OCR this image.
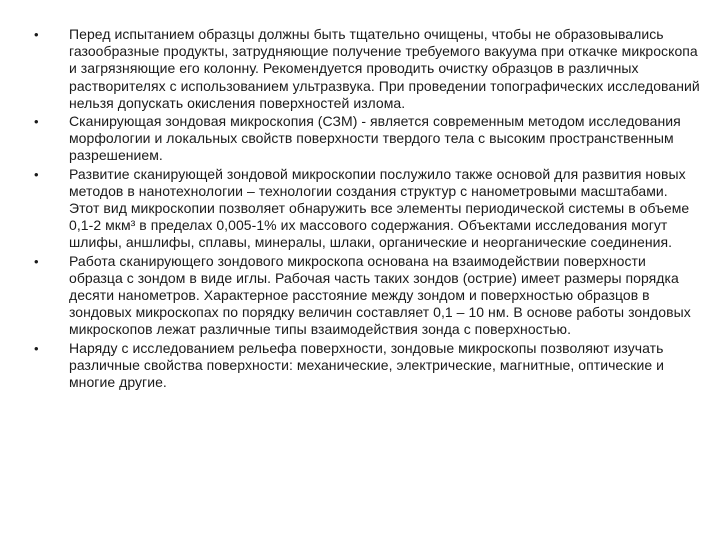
•	Перед испытанием образцы должны быть тщательно очищены, чтобы не образовывались газообразные продукты, затрудняющие получение требуемого вакуума при откачке микроскопа и загрязняющие его колонну. Рекомендуется проводить очистку образцов в различных растворителях с использованием ультразвука. При проведении топографических исследований нельзя допускать окисления поверхностей излома.
•	Сканирующая зондовая микроскопия (СЗМ) - является современным методом исследования морфологии и локальных свойств поверхности твердого тела с высоким пространственным разрешением.
•	Развитие сканирующей зондовой микроскопии послужило также основой для развития новых методов в нанотехнологии – технологии создания структур с нанометровыми масштабами. Этот вид микроскопии позволяет обнаружить все элементы периодической системы в объеме 0,1-2 мкм³ в пределах 0,005-1% их массового содержания. Объектами исследования могут шлифы, аншлифы, сплавы, минералы, шлаки, органические и неорганические соединения.
•	Работа сканирующего зондового микроскопа основана на взаимодействии поверхности образца с зондом в виде иглы. Рабочая часть таких зондов (острие) имеет размеры порядка десяти нанометров. Характерное расстояние между зондом и поверхностью образцов в зондовых микроскопах по порядку величин составляет 0,1 – 10 нм. В основе работы зондовых микроскопов лежат различные типы взаимодействия зонда с поверхностью.
•	Наряду с исследованием рельефа поверхности, зондовые микроскопы позволяют изучать различные свойства поверхности: механические, электрические, магнитные, оптические и многие другие.
